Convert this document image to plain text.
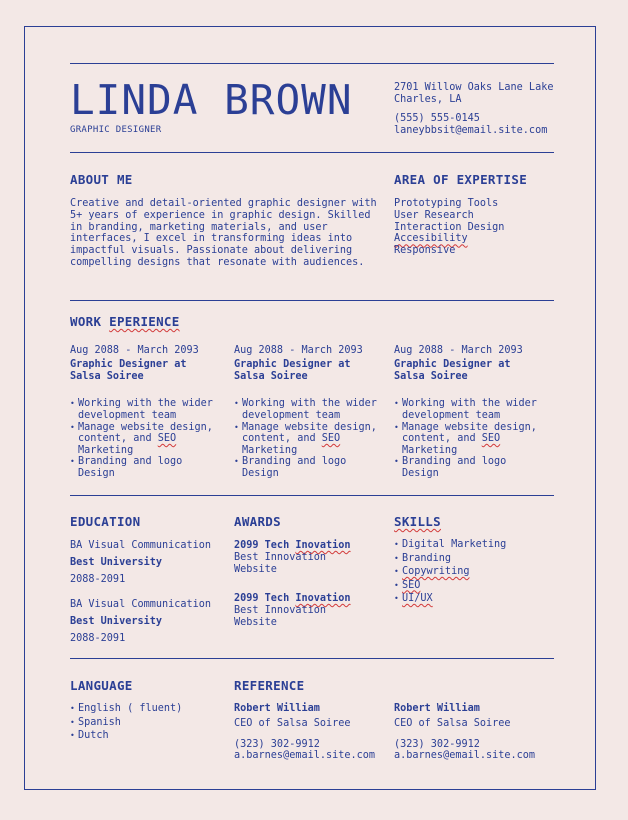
LINDA BROWN
GRAPHIC DESIGNER
2701 Willow Oaks Lane Lake
Charles, LA
(555) 555-0145
laneybbsit@email.site.com
ABOUT ME
Creative and detail-oriented graphic designer with
5+ years of experience in graphic design. Skilled
in branding, marketing materials, and user
interfaces, I excel in transforming ideas into
impactful visuals. Passionate about delivering
compelling designs that resonate with audiences.
AREA OF EXPERTISE
Prototyping Tools
User Research
Interaction Design
Accesibility
Responsive
WORK EPERIENCE
Aug 2088 - March 2093
Graphic Designer at
Salsa Soiree
• Working with the wider
development team
• Manage website design,
content, and SEO
Marketing
• Branding and logo
Design
Aug 2088 - March 2093
Graphic Designer at
Salsa Soiree
• Working with the wider
development team
• Manage website design,
content, and SEO
Marketing
• Branding and logo
Design
Aug 2088 - March 2093
Graphic Designer at
Salsa Soiree
• Working with the wider
development team
• Manage website design,
content, and SEO
Marketing
• Branding and logo
Design
EDUCATION
BA Visual Communication
Best University
2088-2091
BA Visual Communication
Best University
2088-2091
AWARDS
2099 Tech Inovation
Best Innovation
Website
2099 Tech Inovation
Best Innovation
Website
SKILLS
• Digital Marketing
• Branding
• Copywriting
• SEO
• UI/UX
LANGUAGE
• English ( fluent)
• Spanish
• Dutch
REFERENCE
Robert William
CEO of Salsa Soiree
(323) 302-9912
a.barnes@email.site.com
Robert William
CEO of Salsa Soiree
(323) 302-9912
a.barnes@email.site.com
